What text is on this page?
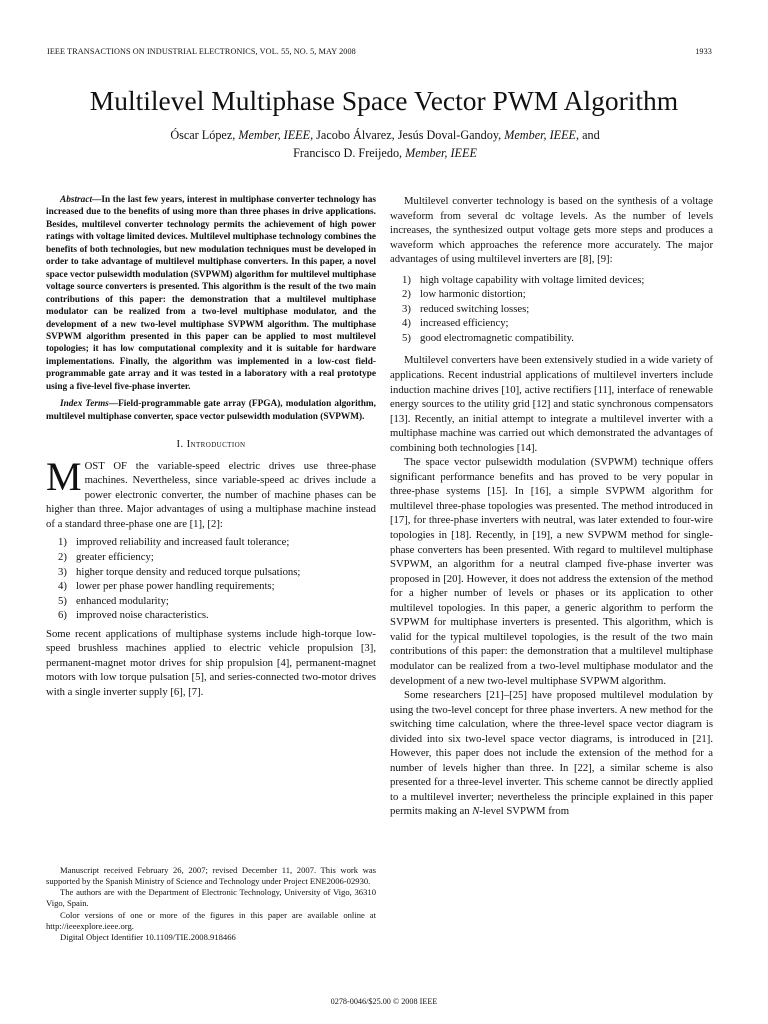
IEEE TRANSACTIONS ON INDUSTRIAL ELECTRONICS, VOL. 55, NO. 5, MAY 2008	1933
Multilevel Multiphase Space Vector PWM Algorithm
Óscar López, Member, IEEE, Jacobo Álvarez, Jesús Doval-Gandoy, Member, IEEE, and
Francisco D. Freijedo, Member, IEEE

Abstract—In the last few years, interest in multiphase converter technology has increased due to the benefits of using more than three phases in drive applications. Besides, multilevel converter technology permits the achievement of high power ratings with voltage limited devices. Multilevel multiphase technology combines the benefits of both technologies, but new modulation techniques must be developed in order to take advantage of multilevel multiphase converters. In this paper, a novel space vector pulsewidth modulation (SVPWM) algorithm for multilevel multiphase voltage source converters is presented. This algorithm is the result of the two main contributions of this paper: the demonstration that a multilevel multiphase modulator can be realized from a two-level multiphase modulator, and the development of a new two-level multiphase SVPWM algorithm. The multiphase SVPWM algorithm presented in this paper can be applied to most multilevel topologies; it has low computational complexity and it is suitable for hardware implementations. Finally, the algorithm was implemented in a low-cost field-programmable gate array and it was tested in a laboratory with a real prototype using a five-level five-phase inverter.

Index Terms—Field-programmable gate array (FPGA), modulation algorithm, multilevel multiphase converter, space vector pulsewidth modulation (SVPWM).

I. Introduction

MOST OF the variable-speed electric drives use three-phase machines. Nevertheless, since variable-speed ac drives include a power electronic converter, the number of machine phases can be higher than three. Major advantages of using a multiphase machine instead of a standard three-phase one are [1], [2]:

1) improved reliability and increased fault tolerance;
2) greater efficiency;
3) higher torque density and reduced torque pulsations;
4) lower per phase power handling requirements;
5) enhanced modularity;
6) improved noise characteristics.

Some recent applications of multiphase systems include high-torque low-speed brushless machines applied to electric vehicle propulsion [3], permanent-magnet motor drives for ship propulsion [4], permanent-magnet motors with low torque pulsation [5], and series-connected two-motor drives with a single inverter supply [6], [7].

Manuscript received February 26, 2007; revised December 11, 2007. This work was supported by the Spanish Ministry of Science and Technology under Project ENE2006-02930.

The authors are with the Department of Electronic Technology, University of Vigo, 36310 Vigo, Spain.

Color versions of one or more of the figures in this paper are available online at http://ieeexplore.ieee.org.

Digital Object Identifier 10.1109/TIE.2008.918466

Multilevel converter technology is based on the synthesis of a voltage waveform from several dc voltage levels. As the number of levels increases, the synthesized output voltage gets more steps and produces a waveform which approaches the reference more accurately. The major advantages of using multilevel inverters are [8], [9]:

1) high voltage capability with voltage limited devices;
2) low harmonic distortion;
3) reduced switching losses;
4) increased efficiency;
5) good electromagnetic compatibility.

Multilevel converters have been extensively studied in a wide variety of applications. Recent industrial applications of multilevel inverters include induction machine drives [10], active rectifiers [11], interface of renewable energy sources to the utility grid [12] and static synchronous compensators [13]. Recently, an initial attempt to integrate a multilevel inverter with a multiphase machine was carried out which demonstrated the advantages of combining both technologies [14].

The space vector pulsewidth modulation (SVPWM) technique offers significant performance benefits and has proved to be very popular in three-phase systems [15]. In [16], a simple SVPWM algorithm for multilevel three-phase topologies was presented. The method introduced in [17], for three-phase inverters with neutral, was later extended to four-wire topologies in [18]. Recently, in [19], a new SVPWM method for single-phase converters has been presented. With regard to multilevel multiphase SVPWM, an algorithm for a neutral clamped five-phase inverter was proposed in [20]. However, it does not address the extension of the method for a higher number of levels or phases or its application to other multilevel topologies. In this paper, a generic algorithm to perform the SVPWM for multiphase inverters is presented. This algorithm, which is valid for the typical multilevel topologies, is the result of the two main contributions of this paper: the demonstration that a multilevel multiphase modulator can be realized from a two-level multiphase modulator and the development of a new two-level multiphase SVPWM algorithm.

Some researchers [21]–[25] have proposed multilevel modulation by using the two-level concept for three phase inverters. A new method for the switching time calculation, where the three-level space vector diagram is divided into six two-level space vector diagrams, is introduced in [21]. However, this paper does not include the extension of the method for a number of levels higher than three. In [22], a similar scheme is also presented for a three-level inverter. This scheme cannot be directly applied to a multilevel inverter; nevertheless the principle explained in this paper permits making an N-level SVPWM from

0278-0046/$25.00 © 2008 IEEE
